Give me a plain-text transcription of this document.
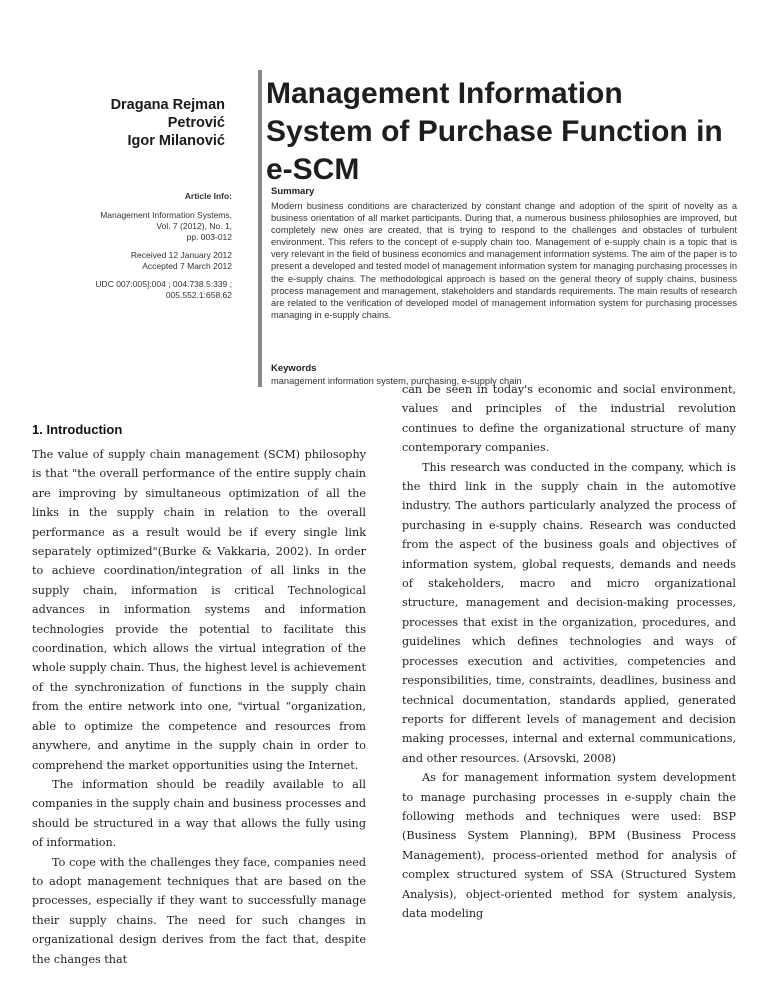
Dragana Rejman
Petrović
Igor Milanović
Management Information
System of Purchase Function in
e-SCM
Article Info:
Management Information Systems,
Vol. 7 (2012), No. 1,
pp. 003-012
Received 12 January 2012
Accepted 7 March 2012
UDC 007:005]:004 ; 004.738.5:339 ;
005.552.1:658.62
Summary

Modern business conditions are characterized by constant change and adoption of the spirit of novelty as a business orientation of all market participants. During that, a numerous business philosophies are improved, but completely new ones are created, that is trying to respond to the challenges and obstacles of turbulent environment. This refers to the concept of e-supply chain too. Management of e-supply chain is a topic that is very relevant in the field of business economics and management information systems. The aim of the paper is to present a developed and tested model of management information system for managing purchasing processes in the e-supply chains. The methodological approach is based on the general theory of supply chains, business process management and management, stakeholders and standards requirements. The main results of research are related to the verification of developed model of management information system for purchasing processes managing in e-supply chains.

Keywords
management information system, purchasing, e-supply chain
1. Introduction

The value of supply chain management (SCM) philosophy is that "the overall performance of the entire supply chain are improving by simultaneous optimization of all the links in the supply chain in relation to the overall performance as a result would be if every single link separately optimized"(Burke & Vakkaria, 2002). In order to achieve coordination/integration of all links in the supply chain, information is critical Technological advances in information systems and information technologies provide the potential to facilitate this coordination, which allows the virtual integration of the whole supply chain. Thus, the highest level is achievement of the synchronization of functions in the supply chain from the entire network into one, "virtual “organization, able to optimize the competence and resources from anywhere, and anytime in the supply chain in order to comprehend the market opportunities using the Internet.

The information should be readily available to all companies in the supply chain and business processes and should be structured in a way that allows the fully using of information.

To cope with the challenges they face, companies need to adopt management techniques that are based on the processes, especially if they want to successfully manage their supply chains. The need for such changes in organizational design derives from the fact that, despite the changes that

can be seen in today's economic and social environment, values and principles of the industrial revolution continues to define the organizational structure of many contemporary companies.

This research was conducted in the company, which is the third link in the supply chain in the automotive industry. The authors particularly analyzed the process of purchasing in e-supply chains. Research was conducted from the aspect of the business goals and objectives of information system, global requests, demands and needs of stakeholders, macro and micro organizational structure, management and decision-making processes, processes that exist in the organization, procedures, and guidelines which defines technologies and ways of processes execution and activities, competencies and responsibilities, time, constraints, deadlines, business and technical documentation, standards applied, generated reports for different levels of management and decision making processes, internal and external communications, and other resources. (Arsovski, 2008)

As for management information system development to manage purchasing processes in e-supply chain the following methods and techniques were used: BSP (Business System Planning), BPM (Business Process Management), process-oriented method for analysis of complex structured system of SSA (Structured System Analysis), object-oriented method for system analysis, data modeling
